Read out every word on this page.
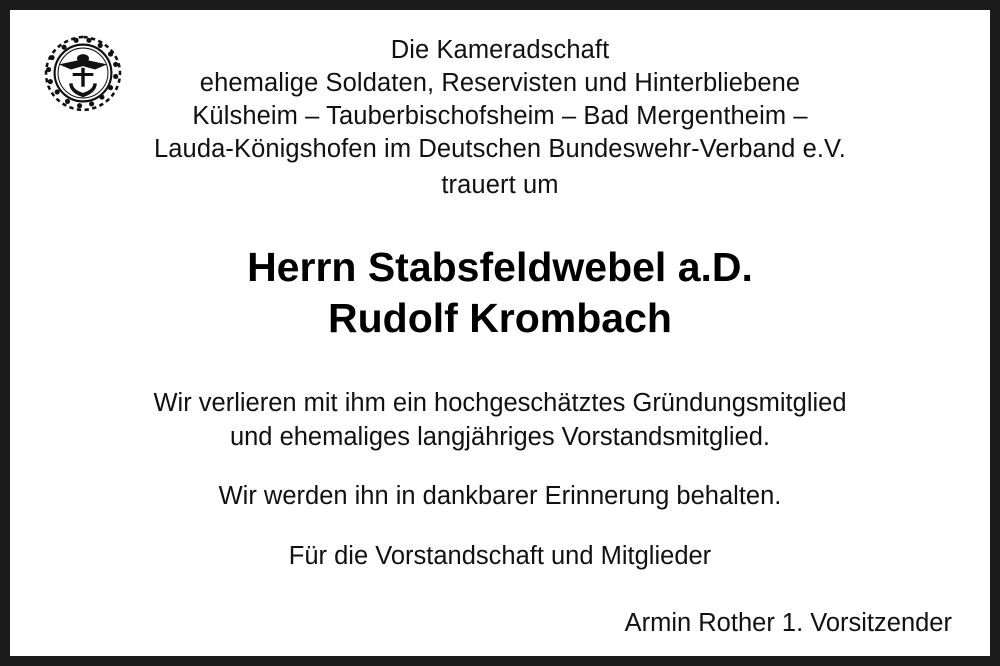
Die Kameradschaft
ehemalige Soldaten, Reservisten und Hinterbliebene
Külsheim – Tauberbischofsheim – Bad Mergentheim –
Lauda-Königshofen im Deutschen Bundeswehr-Verband e.V.
trauert um
Herrn Stabsfeldwebel a.D.
Rudolf Krombach
Wir verlieren mit ihm ein hochgeschätztes Gründungsmitglied
und ehemaliges langjähriges Vorstandsmitglied.
Wir werden ihn in dankbarer Erinnerung behalten.
Für die Vorstandschaft und Mitglieder
Armin Rother 1. Vorsitzender
